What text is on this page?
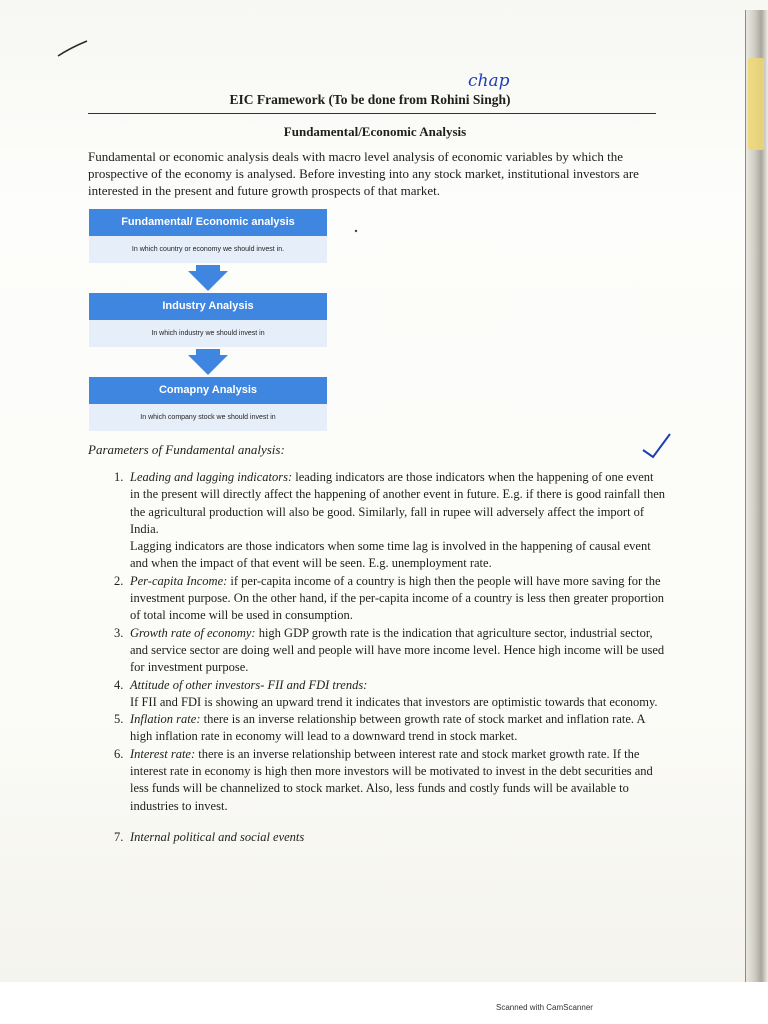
chap
EIC Framework (To be done from Rohini Singh)
Fundamental/Economic Analysis
Fundamental or economic analysis deals with macro level analysis of economic variables by which the prospective of the economy is analysed. Before investing into any stock market, institutional investors are interested in the present and future growth prospects of that market.
Fundamental/ Economic analysis
In which country or economy we should invest in.
Industry Analysis
In which industry we should invest in
Comapny Analysis
In which company stock we should invest in
Parameters of Fundamental analysis:
1. Leading and lagging indicators: leading indicators are those indicators when the happening of one event in the present will directly affect the happening of another event in future. E.g. if there is good rainfall then the agricultural production will also be good. Similarly, fall in rupee will adversely affect the import of India.
Lagging indicators are those indicators when some time lag is involved in the happening of causal event and when the impact of that event will be seen. E.g. unemployment rate.
2. Per-capita Income: if per-capita income of a country is high then the people will have more saving for the investment purpose. On the other hand, if the per-capita income of a country is less then greater proportion of total income will be used in consumption.
3. Growth rate of economy: high GDP growth rate is the indication that agriculture sector, industrial sector, and service sector are doing well and people will have more income level. Hence high income will be used for investment purpose.
4. Attitude of other investors- FII and FDI trends:
If FII and FDI is showing an upward trend it indicates that investors are optimistic towards that economy.
5. Inflation rate: there is an inverse relationship between growth rate of stock market and inflation rate. A high inflation rate in economy will lead to a downward trend in stock market.
6. Interest rate: there is an inverse relationship between interest rate and stock market growth rate. If the interest rate in economy is high then more investors will be motivated to invest in the debt securities and less funds will be channelized to stock market. Also, less funds and costly funds will be available to industries to invest.
7. Internal political and social events
Scanned with CamScanner
